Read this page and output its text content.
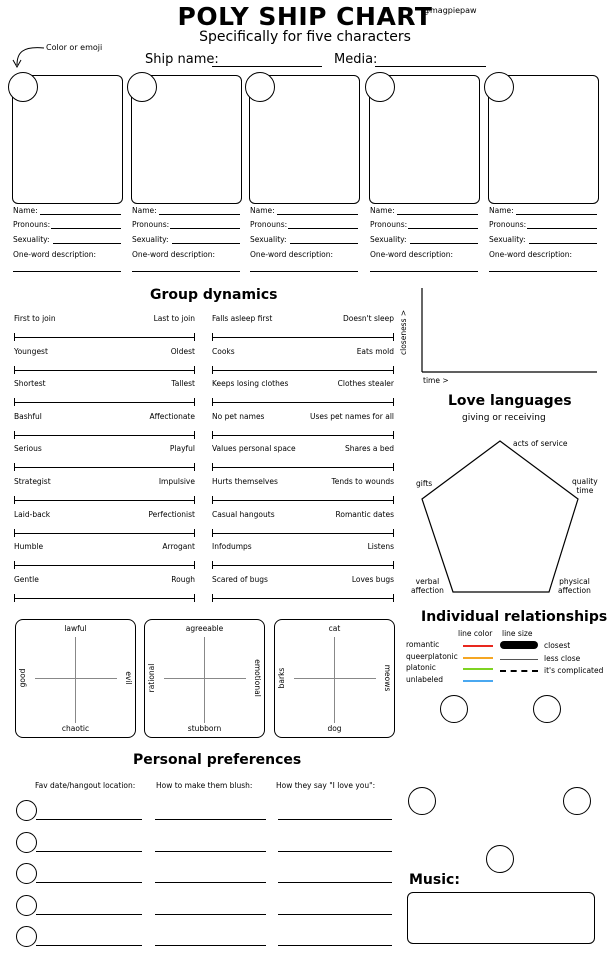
POLY SHIP CHART
@magpiepaw
Specifically for five characters
Color or emoji
Ship name:	Media:
Name:
Pronouns:
Sexuality:
One-word description:
Name:
Pronouns:
Sexuality:
One-word description:
Name:
Pronouns:
Sexuality:
One-word description:
Name:
Pronouns:
Sexuality:
One-word description:
Name:
Pronouns:
Sexuality:
One-word description:
Group dynamics
First to join	Last to join
Youngest	Oldest
Shortest	Tallest
Bashful	Affectionate
Serious	Playful
Strategist	Impulsive
Laid-back	Perfectionist
Humble	Arrogant
Gentle	Rough
Falls asleep first	Doesn't sleep
Cooks	Eats mold
Keeps losing clothes	Clothes stealer
No pet names	Uses pet names for all
Values personal space	Shares a bed
Hurts themselves	Tends to wounds
Casual hangouts	Romantic dates
Infodumps	Listens
Scared of bugs	Loves bugs
closeness >
time >
Love languages
giving or receiving
acts of service
gifts	quality
time
verbal
affection
physical
affection
lawful
chaotic
good	evil
agreeable
stubborn
rational	emotional
cat
dog
barks	meows
Individual relationships
line color line size
romantic
queerplatonic
platonic
unlabeled
closest
less close
it's complicated
Personal preferences
Fav date/hangout location:	How to make them blush:	How they say "I love you":
Music:
